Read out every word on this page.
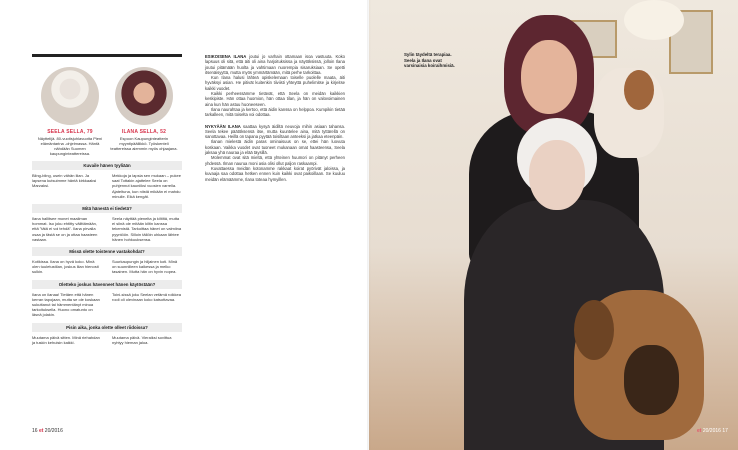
SEELA SELLA, 79
Näyttelijä. 80-vuotisjuhlavuotta Pieni elämäntarina -ohjelmassa. Häntä nähdään Suomen kaupunginteattereissa.
ILANA SELLA, 52
Espoon Kaupunginteatterin myyntipäällikkö. Työskenteli teattereissa aiemmin myös ohjaajana.
Kuvaile hänen tyyliään

Bling-bling, usein vähän liian. Ja lapsena kutsuimme häntä kirkkaaksi Marzaksi.

Mekkoja ja lapsia sen mukaan – pukee saat Tottakin ajattelee Seela on puhjennut kauniiksi vuosien varrella. Ajateltuna, kun niistä mikään ei mahdu minulle. Eikä kengät.

Mitä hänestä ei tiedetä?

Ilana hallitsee monet maailman hommat. Iso joku ehtitty välittämään, että "tätä ei voi tehdä". Ilana pirvalla osaa ja tästä se on ja ottaa haasteen vastaan.

Seela näyttää pienelta ja kiltiltä, mutta ei siinä ole mitään kiltin kanssa tekemistä. Tarkoittaa hänet on valmiina pyyntöön. Silloin tällöin uhkaan lähtee hänen hohkuuksensa.

Missä olette toistenne vastakohdat?

Kotikissa. Ilana on hyvä koko. Minä olen tuuletustilan, joskus liian hienosti sulkin.

Suurkaupungin ja hiljainen koti. Minä on suunnilleen kaikessa ja melko tasainen. Mutta hän on hyvin nopea.

Oletteko joskus hävenneet hänen käytöstään?

Ilana on ilanaa! Tietäen että hänen kerran tapojaan, mutta se ole koskaan sukuttanut tai hämmentänyt minua tarkoituksella. Huono omatunto on läsnä jolakin.

Toini-sissä joku Seelan vetämä roikkea rooli oli olevinaan koko katsottavaa.

Pisin aika, jonka olette olleet riidoissa?

Muutama päivä sitten. Minä riehahdan ja tuskin kehuisin kaikki.

Muutama päivä. Vieraiksi sovittua nyhtyy hieman jaloa.

ESIKOISENA ILANA joutui jo varhain ottamaan isoa vastuuta. Koko lapsuus oli sitä, että äiti oli aina harjoituksissa ja näytöksissä, jolloin Ilana joutui pitämään huolta ja vahtimaan nuorempia sisaruksiaan. Se opetti itsenäisyyttä, mutta myös ymmärtämään, mitä perhe tarkoittaa.

Kun Ilana halusi lähteä opiskelemaan toiselle puolelle maata, äiti hyväksyi asian. He pitivät kuitenkin tiiviisti yhteyttä puhelimitse ja kirjeitse kaikki vuodet.

Kaikki perheessämme tietävät, että Seela on meidän kaikkien keskipiste. Hän ottaa huomion, hän ottaa tilan, ja hän on valovoimainen aina kun hän astuu huoneeseen.

Ilana naurahtaa ja kertoo, että äidin kanssa on helppoa. Kumpikin tietää tarkalleen, mitä toiselta voi odottaa.

NYKYÄÄN ILANA saattaa kysyä äidiltä neuvoja mihin asiaan tahansa. Seela tekee päätöksensä itse, mutta kuuntelee aina, mitä tyttärellä on sanottavaa. Heillä on tapana pyytää toisiltaan anteeksi ja jatkaa eteenpäin.

Ilanan mielestä äidin paras ominaisuus on se, ettei hän luovuta koskaan. Vaikka vuodet ovat tuoneet mukanaan omat haasteensa, Seela jaksaa yhä nauraa ja elää täysillä.

Molemmat ovat sitä mieltä, että yhteinen huumori on pitänyt perheen yhdessä. Ilman naurua moni asia olisi ollut paljon raskaampi.

Kuvattaessa meidän kotonamme rakkaat koirat pyörivät jaloissa, ja kuvaaja saa odottaa hetken ennen kuin kaikki ovat paikoillaan. Se kuuluu meidän elämäämme, Ilana toteaa hymyillen.

16 et 20/2016
Sylin täydeltä terapiaa. Seela ja Ilana ovat varsinaisia koiraihmisiä.
et 20/2016 17
